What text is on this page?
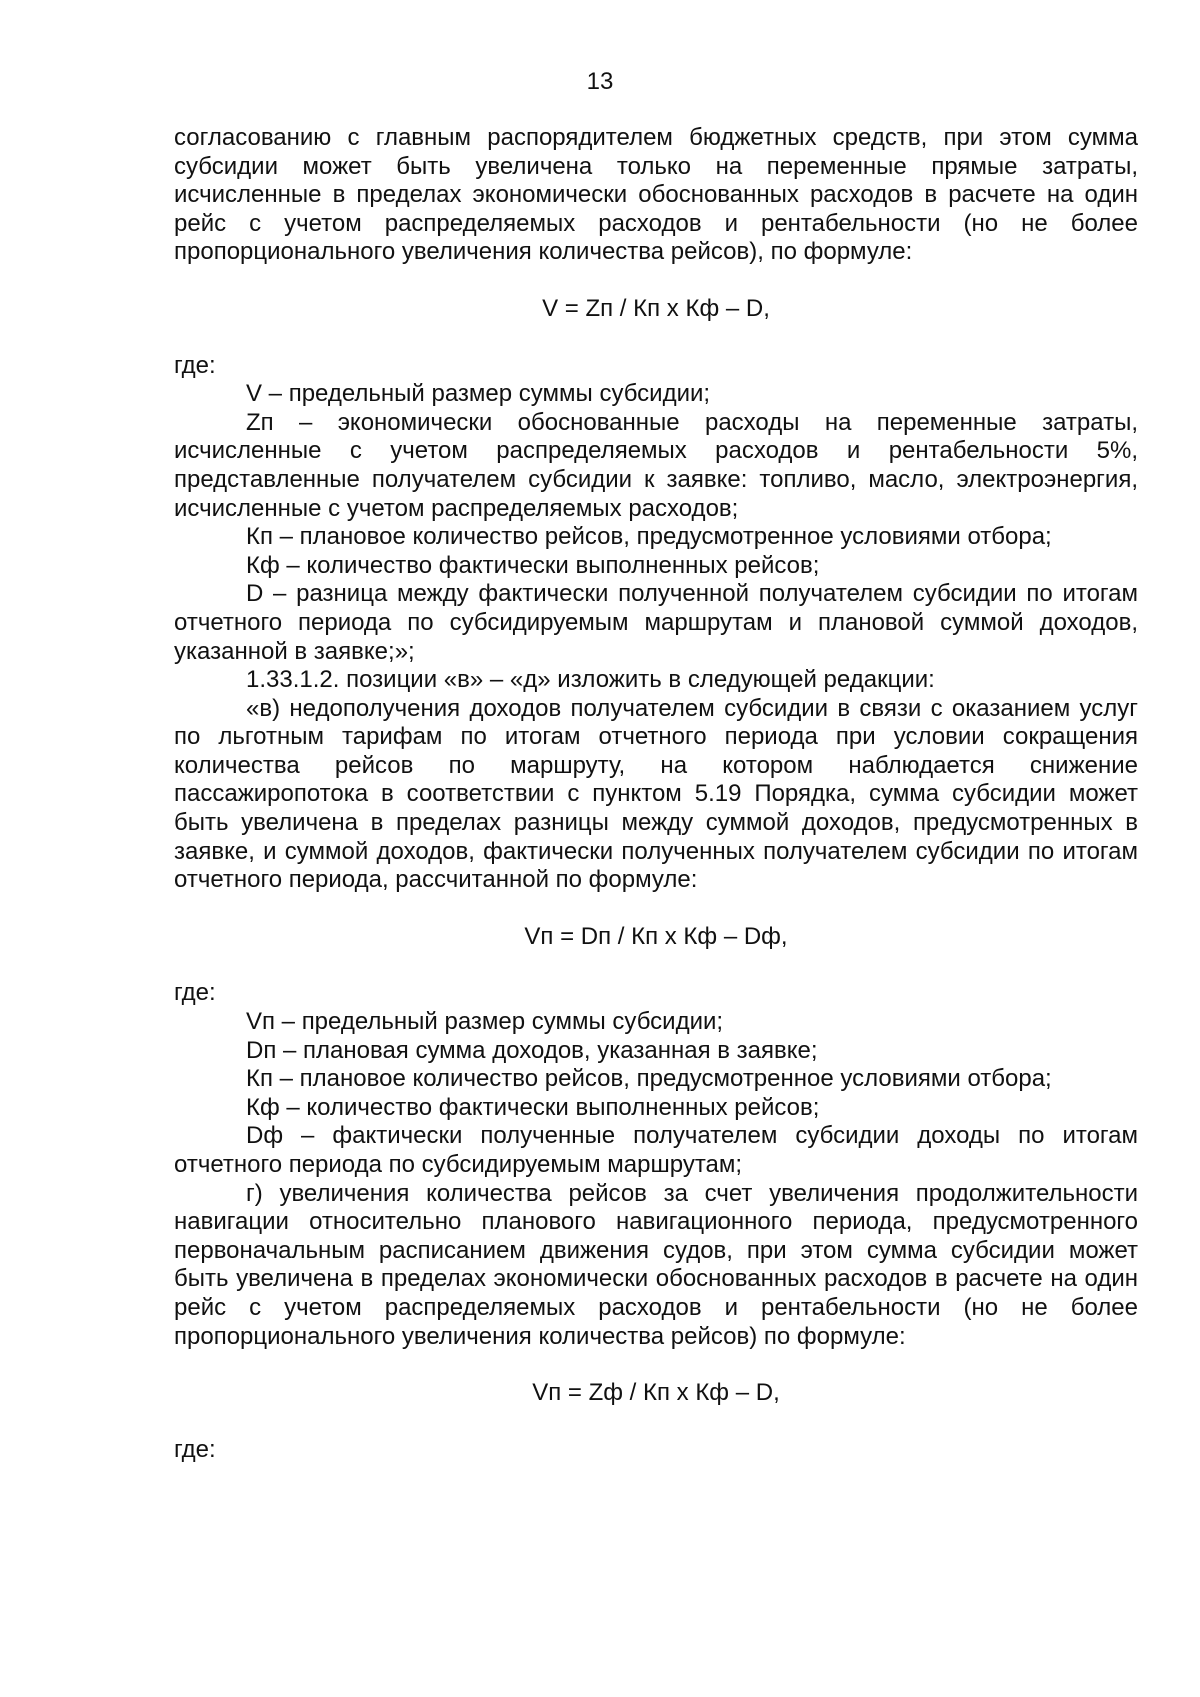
13

согласованию с главным распорядителем бюджетных средств, при этом сумма субсидии может быть увеличена только на переменные прямые затраты, исчисленные в пределах экономически обоснованных расходов в расчете на один рейс с учетом распределяемых расходов и рентабельности (но не более пропорционального увеличения количества рейсов), по формуле:

V = Zп / Кп x Кф – D,

где:

V – предельный размер суммы субсидии;

Zп – экономически обоснованные расходы на переменные затраты, исчисленные с учетом распределяемых расходов и рентабельности 5%, представленные получателем субсидии к заявке: топливо, масло, электроэнергия, исчисленные с учетом распределяемых расходов;

Кп – плановое количество рейсов, предусмотренное условиями отбора;

Кф – количество фактически выполненных рейсов;

D – разница между фактически полученной получателем субсидии по итогам отчетного периода по субсидируемым маршрутам и плановой суммой доходов, указанной в заявке;»;

1.33.1.2. позиции «в» – «д» изложить в следующей редакции:

«в) недополучения доходов получателем субсидии в связи с оказанием услуг по льготным тарифам по итогам отчетного периода при условии сокращения количества рейсов по маршруту, на котором наблюдается снижение пассажиропотока в соответствии с пунктом 5.19 Порядка, сумма субсидии может быть увеличена в пределах разницы между суммой доходов, предусмотренных в заявке, и суммой доходов, фактически полученных получателем субсидии по итогам отчетного периода, рассчитанной по формуле:

Vп = Dп / Кп x Кф – Dф,

где:

Vп – предельный размер суммы субсидии;

Dп – плановая сумма доходов, указанная в заявке;

Кп – плановое количество рейсов, предусмотренное условиями отбора;

Кф – количество фактически выполненных рейсов;

Dф – фактически полученные получателем субсидии доходы по итогам отчетного периода по субсидируемым маршрутам;

г) увеличения количества рейсов за счет увеличения продолжительности навигации относительно планового навигационного периода, предусмотренного первоначальным расписанием движения судов, при этом сумма субсидии может быть увеличена в пределах экономически обоснованных расходов в расчете на один рейс с учетом распределяемых расходов и рентабельности (но не более пропорционального увеличения количества рейсов) по формуле:

Vп = Zф / Кп x Кф – D,

где:
